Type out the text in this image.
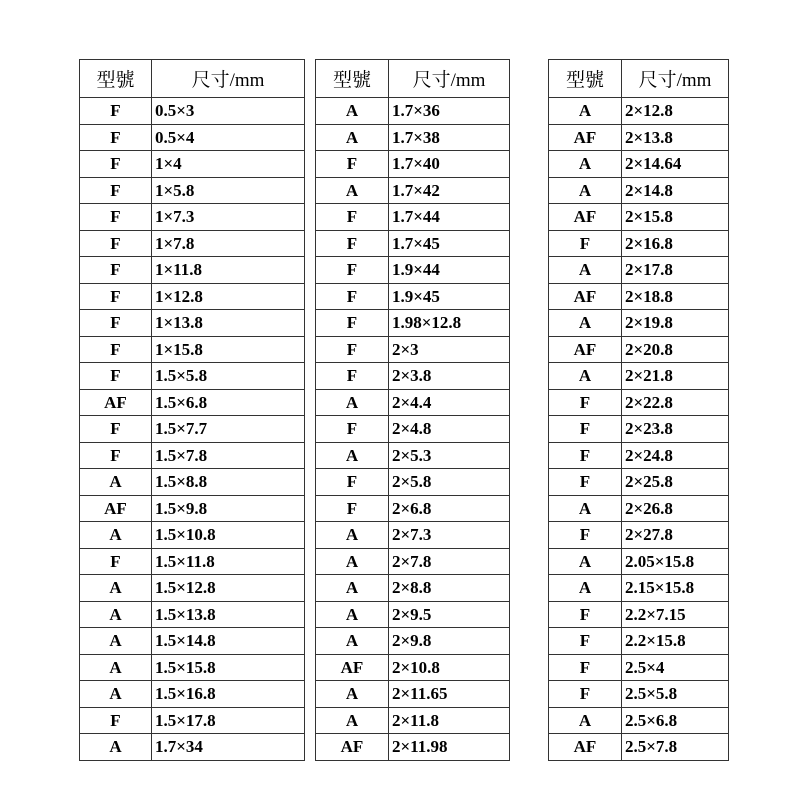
型號	尺寸/mm
F	0.5×3
F	0.5×4
F	1×4
F	1×5.8
F	1×7.3
F	1×7.8
F	1×11.8
F	1×12.8
F	1×13.8
F	1×15.8
F	1.5×5.8
AF	1.5×6.8
F	1.5×7.7
F	1.5×7.8
A	1.5×8.8
AF	1.5×9.8
A	1.5×10.8
F	1.5×11.8
A	1.5×12.8
A	1.5×13.8
A	1.5×14.8
A	1.5×15.8
A	1.5×16.8
F	1.5×17.8
A	1.7×34
型號	尺寸/mm
A	1.7×36
A	1.7×38
F	1.7×40
A	1.7×42
F	1.7×44
F	1.7×45
F	1.9×44
F	1.9×45
F	1.98×12.8
F	2×3
F	2×3.8
A	2×4.4
F	2×4.8
A	2×5.3
F	2×5.8
F	2×6.8
A	2×7.3
A	2×7.8
A	2×8.8
A	2×9.5
A	2×9.8
AF	2×10.8
A	2×11.65
A	2×11.8
AF	2×11.98
型號	尺寸/mm
A	2×12.8
AF	2×13.8
A	2×14.64
A	2×14.8
AF	2×15.8
F	2×16.8
A	2×17.8
AF	2×18.8
A	2×19.8
AF	2×20.8
A	2×21.8
F	2×22.8
F	2×23.8
F	2×24.8
F	2×25.8
A	2×26.8
F	2×27.8
A	2.05×15.8
A	2.15×15.8
F	2.2×7.15
F	2.2×15.8
F	2.5×4
F	2.5×5.8
A	2.5×6.8
AF	2.5×7.8
